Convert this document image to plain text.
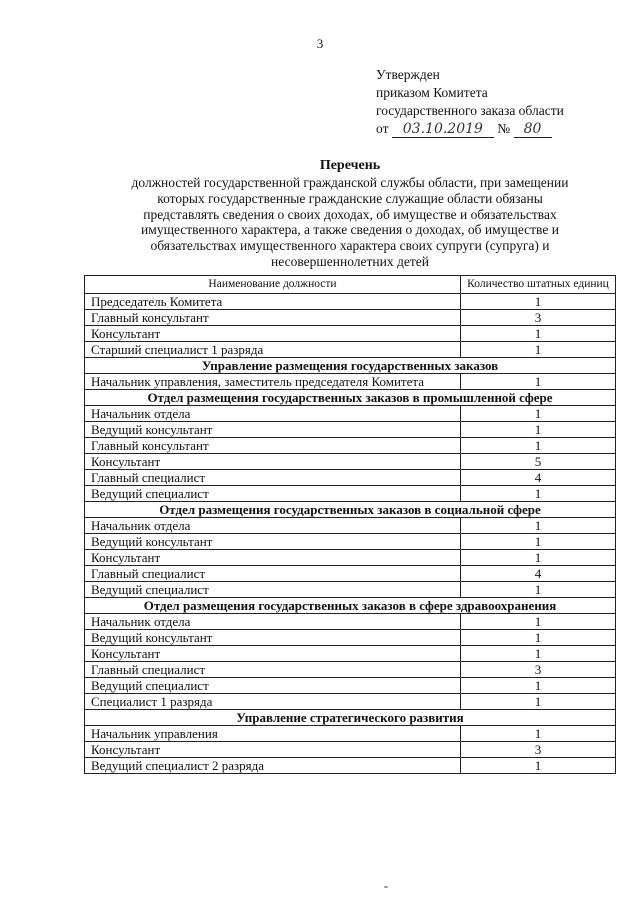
3
Утвержден
приказом Комитета
государственного заказа области
от 03.10.2019 № 80
Перечень
должностей государственной гражданской службы области, при замещении
которых государственные гражданские служащие области обязаны
представлять сведения о своих доходах, об имуществе и обязательствах
имущественного характера, а также сведения о доходах, об имуществе и
обязательствах имущественного характера своих супруги (супруга) и
несовершеннолетних детей
Наименование должности	Количество штатных единиц
Председатель Комитета	1
Главный консультант	3
Консультант	1
Старший специалист 1 разряда	1
Управление размещения государственных заказов	
Начальник управления, заместитель председателя Комитета	1
Отдел размещения государственных заказов в промышленной сфере	
Начальник отдела	1
Ведущий консультант	1
Главный консультант	1
Консультант	5
Главный специалист	4
Ведущий специалист	1
Отдел размещения государственных заказов в социальной сфере	
Начальник отдела	1
Ведущий консультант	1
Консультант	1
Главный специалист	4
Ведущий специалист	1
Отдел размещения государственных заказов в сфере здравоохранения	
Начальник отдела	1
Ведущий консультант	1
Консультант	1
Главный специалист	3
Ведущий специалист	1
Специалист 1 разряда	1
Управление стратегического развития	
Начальник управления	1
Консультант	3
Ведущий специалист 2 разряда	1
